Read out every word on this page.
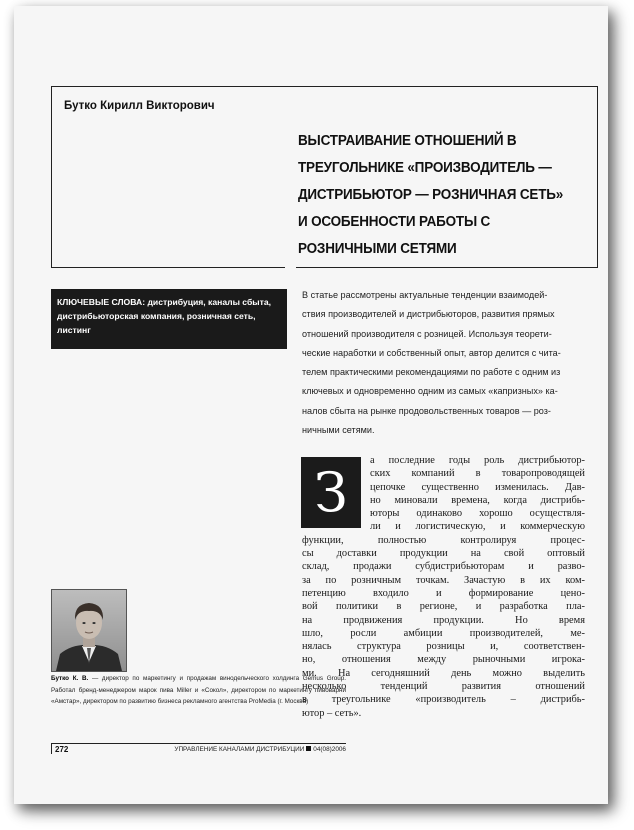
Бутко Кирилл Викторович
ВЫСТРАИВАНИЕ ОТНОШЕНИЙ В
ТРЕУГОЛЬНИКЕ «ПРОИЗВОДИТЕЛЬ —
ДИСТРИБЬЮТОР — РОЗНИЧНАЯ СЕТЬ»
И ОСОБЕННОСТИ РАБОТЫ С
РОЗНИЧНЫМИ СЕТЯМИ
КЛЮЧЕВЫЕ СЛОВА: дистрибуция, каналы сбыта, дистрибьюторская компания, розничная сеть, листинг
В статье рассмотрены актуальные тенденции взаимодей-
ствия производителей и дистрибьюторов, развития прямых
отношений производителя с розницей. Используя теорети-
ческие наработки и собственный опыт, автор делится с чита-
телем практическими рекомендациями по работе с одним из
ключевых и одновременно одним из самых «капризных» ка-
налов сбыта на рынке продовольственных товаров — роз-
ничными сетями.
З
а последние годы роль дистрибьютор-
ских компаний в товаропроводящей
цепочке существенно изменилась. Дав-
но миновали времена, когда дистрибь-
юторы одинаково хорошо осуществля-
ли и логистическую, и коммерческую
функции, полностью контролируя процес-
сы доставки продукции на свой оптовый
склад, продажи субдистрибьюторам и разво-
за по розничным точкам. Зачастую в их ком-
петенцию входило и формирование цено-
вой политики в регионе, и разработка пла-
на продвижения продукции. Но время
шло, росли амбиции производителей, ме-
нялась структура розницы и, соответствен-
но, отношения между рыночными игрока-
ми. На сегодняшний день можно выделить
несколько тенденций развития отношений
в треугольнике «производитель – дистрибь-
ютор – сеть».
Бутко К. В. — директор по маркетингу и продажам винодельческого холдинга Gemus Group. Работал бренд-менеджером марок пива Miller и «Сокол», директором по маркетингу пивоварни «Амстар», директором по развитию бизнеса рекламного агентства ProMedia (г. Москва)
272	УПРАВЛЕНИЕ КАНАЛАМИ ДИСТРИБУЦИИ 04(08)2006
